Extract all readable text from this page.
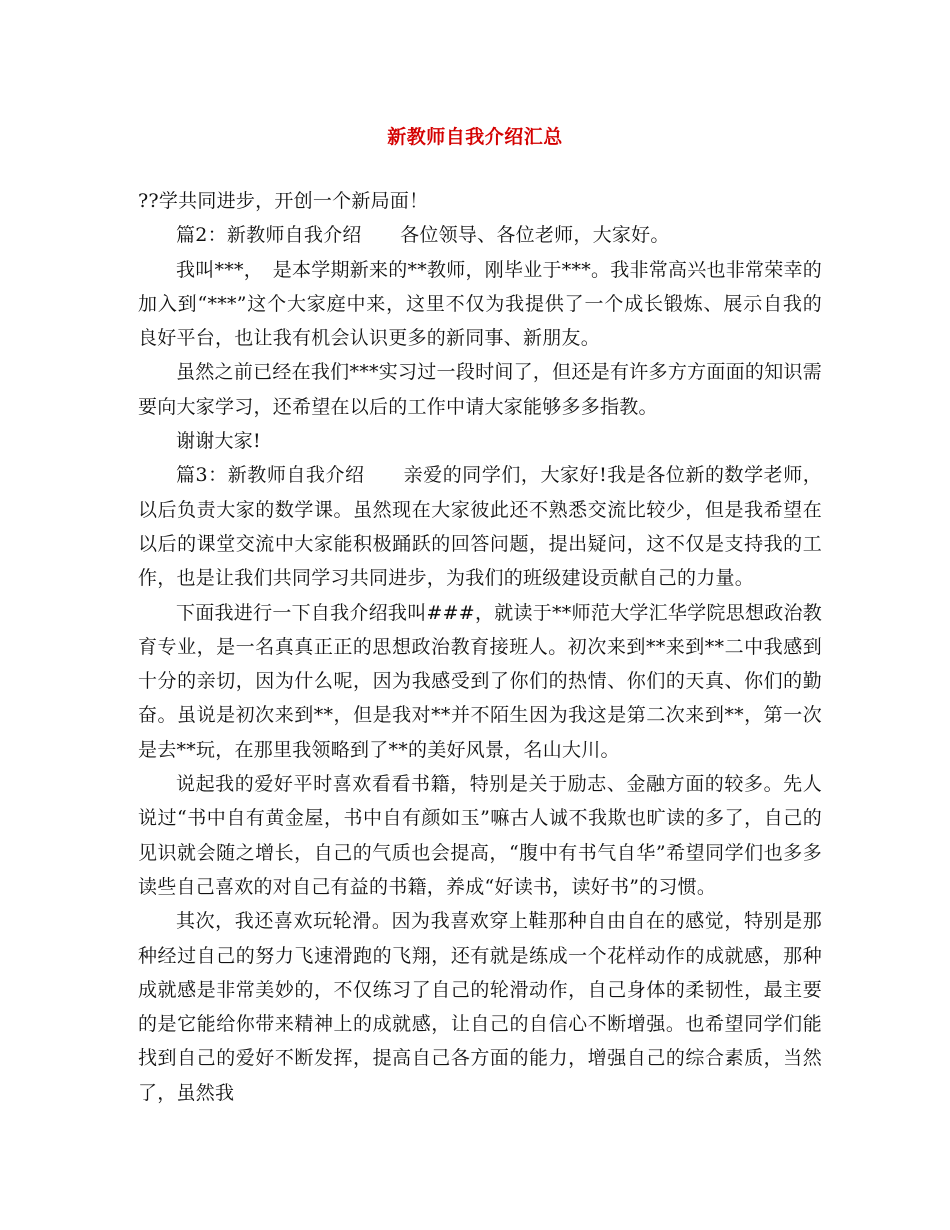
新教师自我介绍汇总

??学共同进步，开创一个新局面！

篇2：新教师自我介绍　　各位领导、各位老师，大家好。

我叫***，　是本学期新来的**教师，刚毕业于***。我非常高兴也非常荣幸的加入到“***”这个大家庭中来，这里不仅为我提供了一个成长锻炼、展示自我的良好平台，也让我有机会认识更多的新同事、新朋友。

虽然之前已经在我们***实习过一段时间了，但还是有许多方方面面的知识需要向大家学习，还希望在以后的工作中请大家能够多多指教。

谢谢大家!

篇3：新教师自我介绍　　亲爱的同学们，大家好!我是各位新的数学老师，以后负责大家的数学课。虽然现在大家彼此还不熟悉交流比较少，但是我希望在以后的课堂交流中大家能积极踊跃的回答问题，提出疑问，这不仅是支持我的工作，也是让我们共同学习共同进步，为我们的班级建设贡献自己的力量。

下面我进行一下自我介绍我叫###，就读于**师范大学汇华学院思想政治教育专业，是一名真真正正的思想政治教育接班人。初次来到**来到**二中我感到十分的亲切，因为什么呢，因为我感受到了你们的热情、你们的天真、你们的勤奋。虽说是初次来到**，但是我对**并不陌生因为我这是第二次来到**，第一次是去**玩，在那里我领略到了**的美好风景，名山大川。

说起我的爱好平时喜欢看看书籍，特别是关于励志、金融方面的较多。先人说过“书中自有黄金屋，书中自有颜如玉”嘛古人诚不我欺也旷读的多了，自己的见识就会随之增长，自己的气质也会提高，“腹中有书气自华”希望同学们也多多读些自己喜欢的对自己有益的书籍，养成“好读书，读好书”的习惯。

其次，我还喜欢玩轮滑。因为我喜欢穿上鞋那种自由自在的感觉，特别是那种经过自己的努力飞速滑跑的飞翔，还有就是练成一个花样动作的成就感，那种成就感是非常美妙的，不仅练习了自己的轮滑动作，自己身体的柔韧性，最主要的是它能给你带来精神上的成就感，让自己的自信心不断增强。也希望同学们能找到自己的爱好不断发挥，提高自己各方面的能力，增强自己的综合素质，当然了，虽然我
